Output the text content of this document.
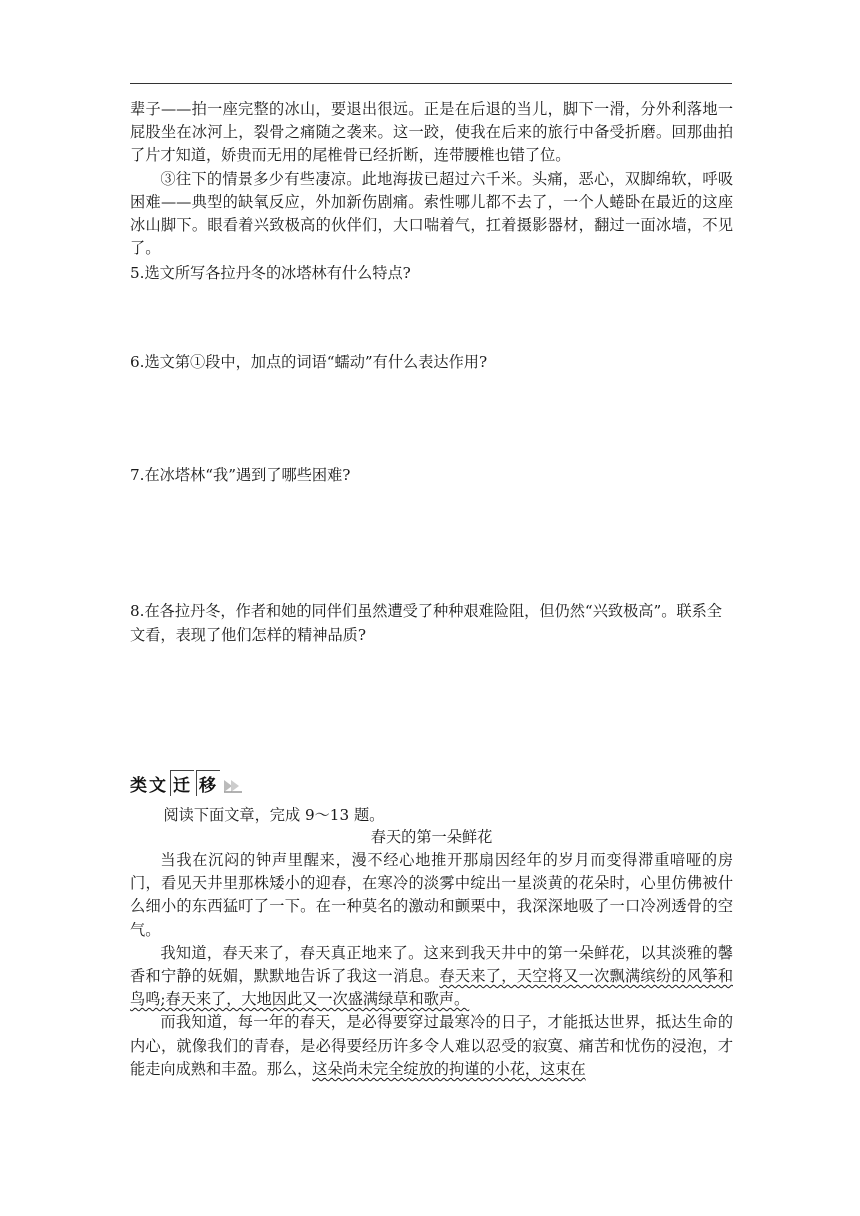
辈子——拍一座完整的冰山，要退出很远。正是在后退的当儿，脚下一滑，分外利落地一屁股坐在冰河上，裂骨之痛随之袭来。这一跤，使我在后来的旅行中备受折磨。回那曲拍了片才知道，娇贵而无用的尾椎骨已经折断，连带腰椎也错了位。

③往下的情景多少有些凄凉。此地海拔已超过六千米。头痛，恶心，双脚绵软，呼吸困难——典型的缺氧反应，外加新伤剧痛。索性哪儿都不去了，一个人蜷卧在最近的这座冰山脚下。眼看着兴致极高的伙伴们，大口喘着气，扛着摄影器材，翻过一面冰墙，不见了。

5.选文所写各拉丹冬的冰塔林有什么特点?

6.选文第①段中，加点的词语“蠕动”有什么表达作用?

7.在冰塔林“我”遇到了哪些困难?

8.在各拉丹冬，作者和她的同伴们虽然遭受了种种艰难险阻，但仍然“兴致极高”。联系全文看，表现了他们怎样的精神品质?

类 文 迁 移

阅读下面文章，完成 9～13 题。

春天的第一朵鲜花

当我在沉闷的钟声里醒来，漫不经心地推开那扇因经年的岁月而变得滞重喑哑的房门，看见天井里那株矮小的迎春，在寒冷的淡雾中绽出一星淡黄的花朵时，心里仿佛被什么细小的东西猛叮了一下。在一种莫名的激动和颤栗中，我深深地吸了一口冷冽透骨的空气。

我知道，春天来了，春天真正地来了。这来到我天井中的第一朵鲜花，以其淡雅的馨香和宁静的妩媚，默默地告诉了我这一消息。春天来了，天空将又一次飘满缤纷的风筝和鸟鸣;春天来了，大地因此又一次盛满绿草和歌声。

而我知道，每一年的春天，是必得要穿过最寒冷的日子，才能抵达世界，抵达生命的内心，就像我们的青春，是必得要经历许多令人难以忍受的寂寞、痛苦和忧伤的浸泡，才能走向成熟和丰盈。那么，这朵尚未完全绽放的拘谨的小花，这束在
